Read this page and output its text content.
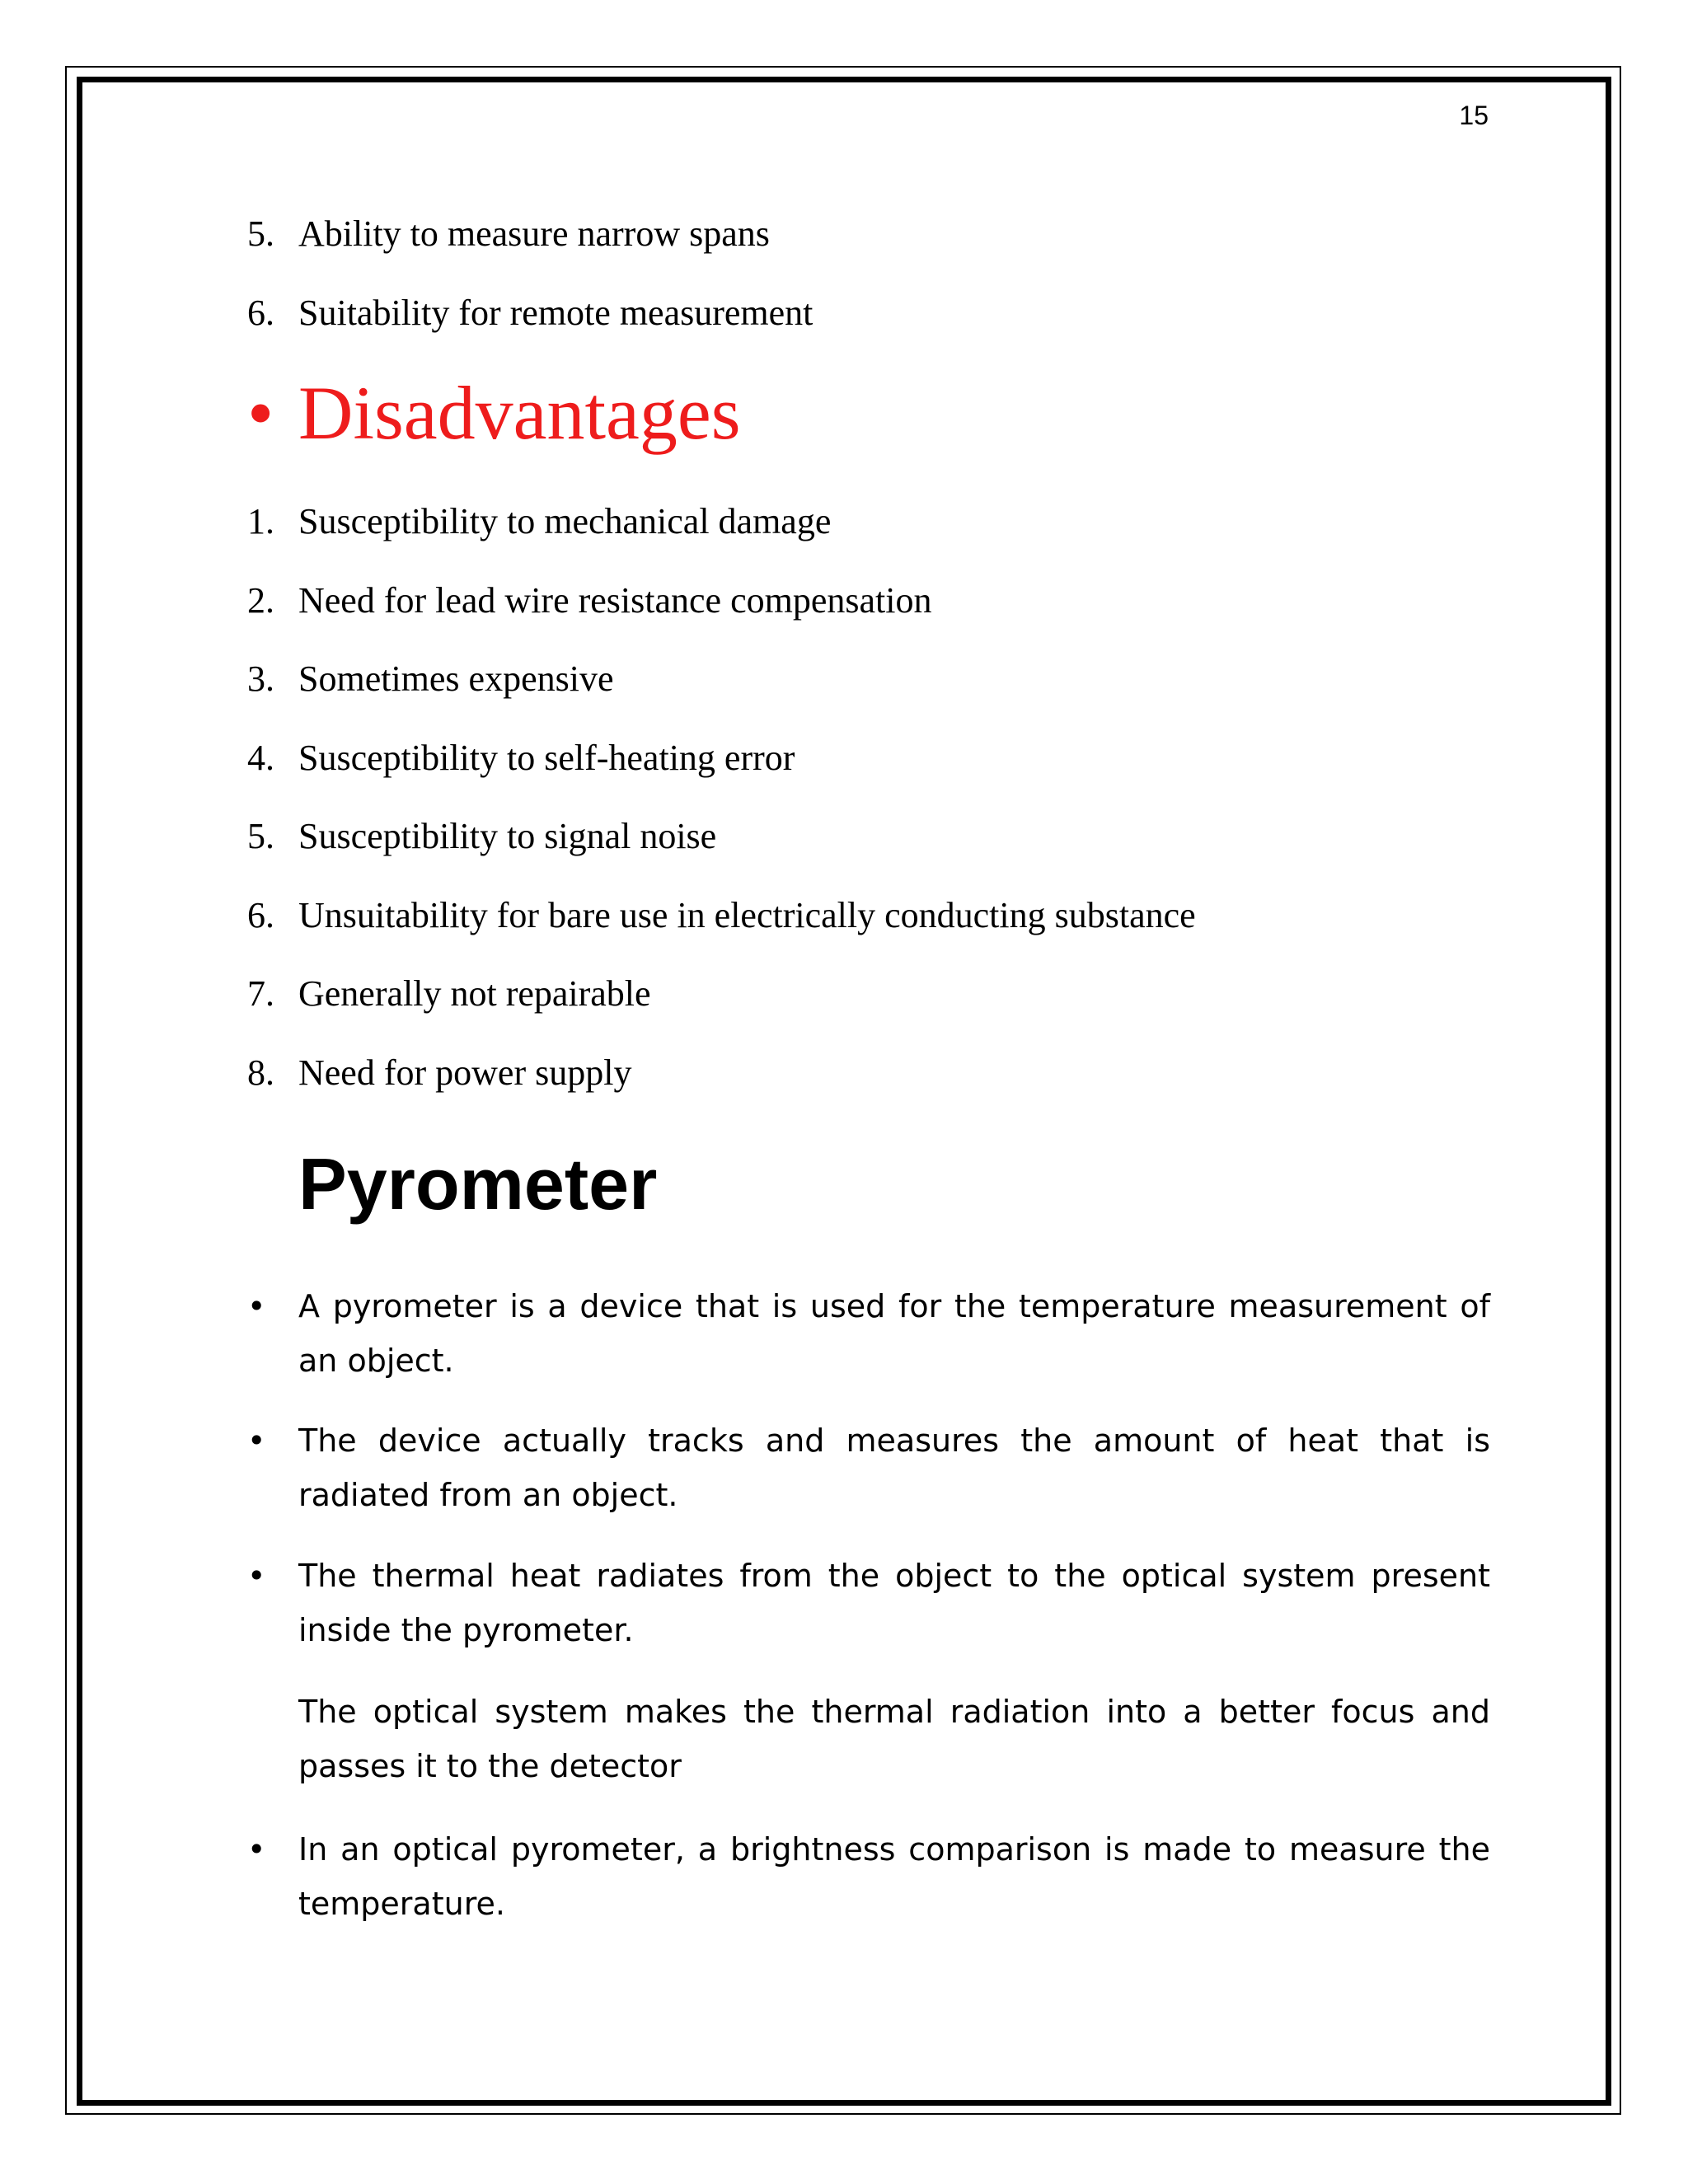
15
5. Ability to measure narrow spans
6. Suitability for remote measurement
• Disadvantages
1. Susceptibility to mechanical damage
2. Need for lead wire resistance compensation
3. Sometimes expensive
4. Susceptibility to self-heating error
5. Susceptibility to signal noise
6. Unsuitability for bare use in electrically conducting substance
7. Generally not repairable
8. Need for power supply
Pyrometer
• A pyrometer is a device that is used for the temperature measurement of an object.
• The device actually tracks and measures the amount of heat that is radiated from an object.
• The thermal heat radiates from the object to the optical system present inside the pyrometer.
The optical system makes the thermal radiation into a better focus and passes it to the detector
• In an optical pyrometer, a brightness comparison is made to measure the temperature.
